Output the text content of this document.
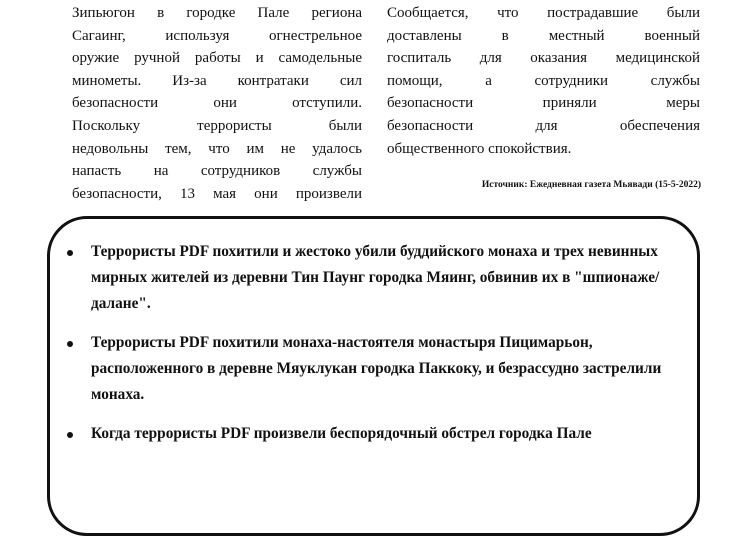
Зипьюгон в городке Пале региона

Сагаинг, используя огнестрельное

оружие ручной работы и самодельные

минометы. Из-за контратаки сил

безопасности они отступили.

Поскольку террористы были

недовольны тем, что им не удалось

напасть на сотрудников службы

безопасности, 13 мая они произвели

Сообщается, что пострадавшие были

доставлены в местный военный

госпиталь для оказания медицинской

помощи, а сотрудники службы

безопасности приняли меры

безопасности для обеспечения

общественного спокойствия.

Источник: Ежедневная газета Мьявади (15-5-2022)
Террористы PDF похитили и жестоко убили буддийского монаха и трех невинных мирных жителей из деревни Тин Паунг городка Мяинг, обвинив их в "шпионаже/далане".
Террористы PDF похитили монаха-настоятеля монастыря Пицимарьон, расположенного в деревне Мяуклукан городка Паккоку, и безрассудно застрелили монаха.
Когда террористы PDF произвели беспорядочный обстрел городка Пале
